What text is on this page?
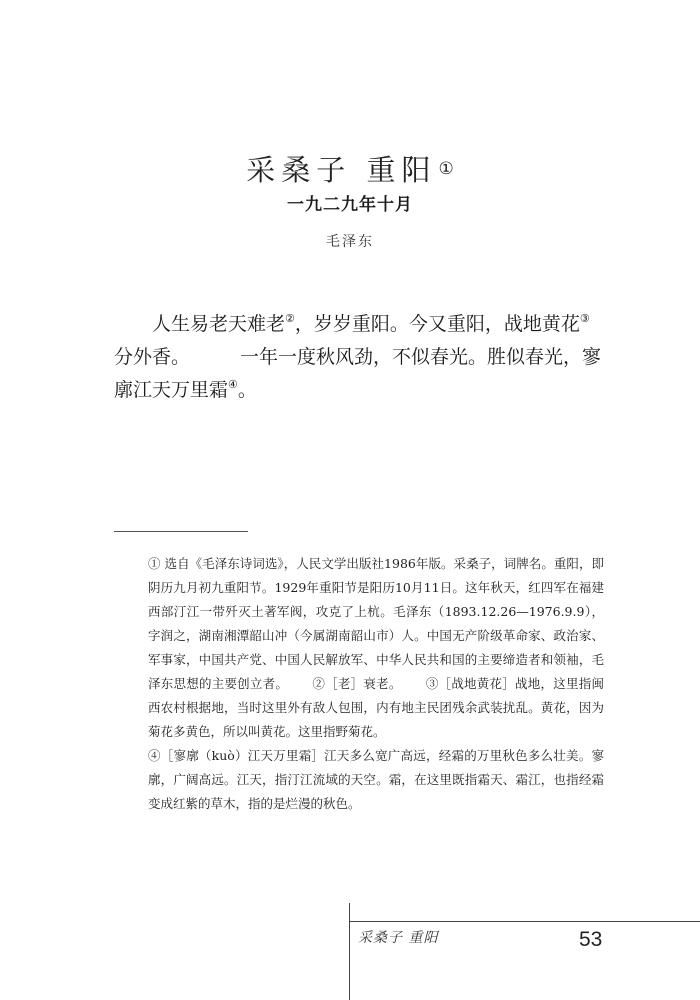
采桑子 重阳 ①
一九二九年十月
毛泽东

人生易老天难老②，岁岁重阳。今又重阳，战地黄花③

分外香。	一年一度秋风劲，不似春光。胜似春光，寥

廓江天万里霜④。

① 选自《毛泽东诗词选》，人民文学出版社1986年版。采桑子，词牌名。重阳，即阴历九月初九重阳节。1929年重阳节是阳历10月11日。这年秋天，红四军在福建西部汀江一带歼灭土著军阀，攻克了上杭。毛泽东（1893.12.26—1976.9.9），字润之，湖南湘潭韶山冲（今属湖南韶山市）人。中国无产阶级革命家、政治家、军事家，中国共产党、中国人民解放军、中华人民共和国的主要缔造者和领袖，毛泽东思想的主要创立者。 ②［老］衰老。 ③［战地黄花］战地，这里指闽西农村根据地，当时这里外有敌人包围，内有地主民团残余武装扰乱。黄花，因为菊花多黄色，所以叫黄花。这里指野菊花。

④［寥廓（kuò）江天万里霜］江天多么宽广高远，经霜的万里秋色多么壮美。寥廓，广阔高远。江天，指汀江流域的天空。霜，在这里既指霜天、霜江，也指经霜变成红紫的草木，指的是烂漫的秋色。

采桑子 重阳	53
